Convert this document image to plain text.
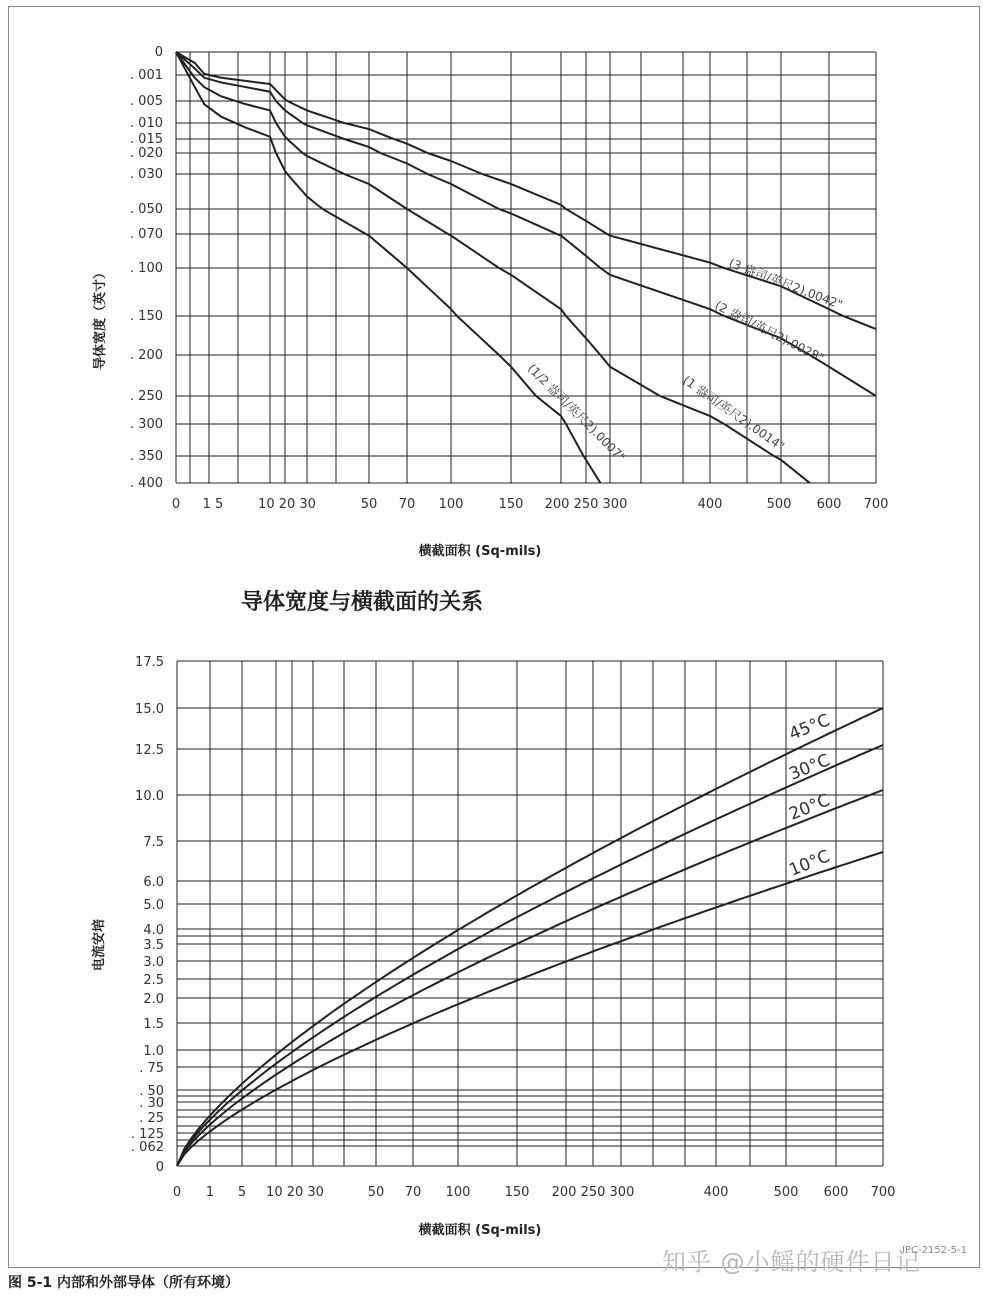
0 1 5	10 20 30	50 70 100	150 200 250 300	400	500 600 700
0
. 001
. 005
. 010
. 015
. 020
. 030
. 050
. 070
. 100
. 150
. 200
. 250
. 300
. 350
. 400
横截面积 (Sq-mils)
导体宽度（英寸）	(3 盎司/英尺2).0042"
(2 盎司/英尺2).0028"
(1 盎司/英尺2).0014"
(1/2 盎司/英尺2).0007"
导体宽度与横截面的关系
0 1 5 10 20 30	50 70 100	150 200 250 300	400	500 600 700
0
. 062
. 125
. 25
. 30
. 50
. 75
1.0
1.5
2.0
2.5
3.0
3.5
4.0
5.0
6.0
7.5
10.0
12.5
15.0
17.5
横截面积 (Sq-mils)
电流安培
45°C
30°C
20°C
10°C
图 5-1 内部和外部导体（所有环境）
知乎 @小鳐的硬件日记
IPC-2152-5-1
